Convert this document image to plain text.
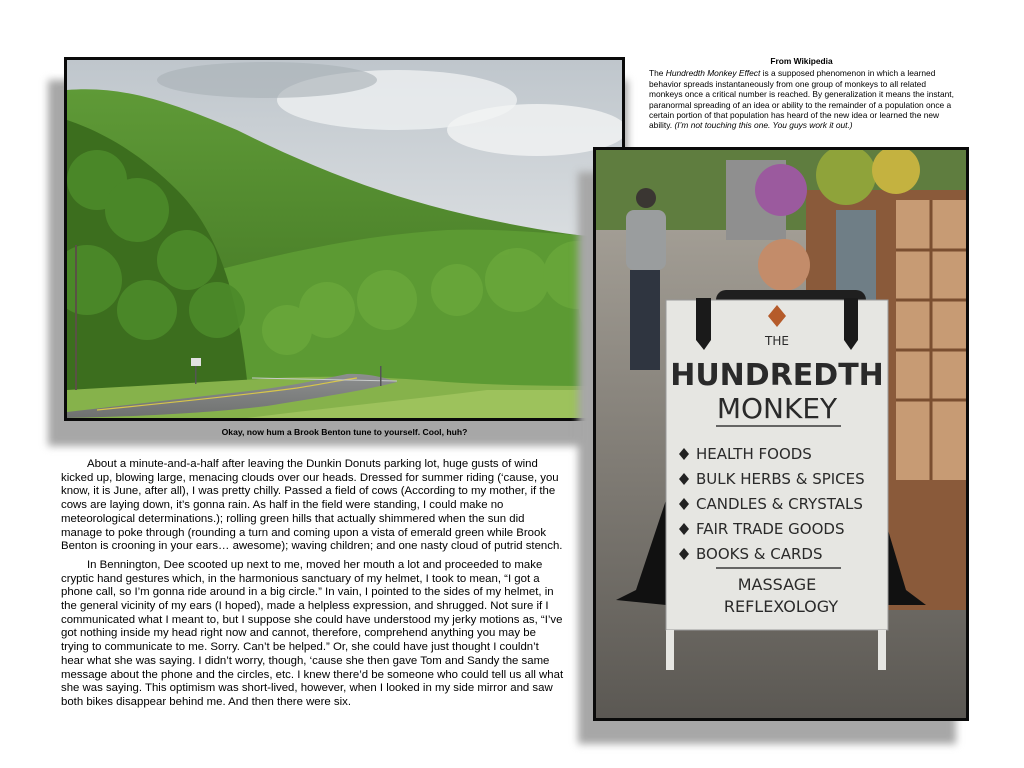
From Wikipedia

The Hundredth Monkey Effect is a supposed phenomenon in which a learned behavior spreads instantaneously from one group of monkeys to all related monkeys once a critical number is reached. By generalization it means the instant, paranormal spreading of an idea or ability to the remainder of a population once a certain portion of that population has heard of the new idea or learned the new ability. (I’m not touching this one. You guys work it out.)

Okay, now hum a Brook Benton tune to yourself. Cool, huh?

About a minute-and-a-half after leaving the Dunkin Donuts parking lot, huge gusts of wind kicked up, blowing large, menacing clouds over our heads. Dressed for summer riding (‘cause, you know, it is June, after all), I was pretty chilly. Passed a field of cows (According to my mother, if the cows are laying down, it’s gonna rain. As half in the field were standing, I could make no meteorological determinations.); rolling green hills that actually shimmered when the sun did manage to poke through (rounding a turn and coming upon a vista of emerald green while Brook Benton is crooning in your ears… awesome); waving children; and one nasty cloud of putrid stench.

In Bennington, Dee scooted up next to me, moved her mouth a lot and proceeded to make cryptic hand gestures which, in the harmonious sanctuary of my helmet, I took to mean, “I got a phone call, so I’m gonna ride around in a big circle.” In vain, I pointed to the sides of my helmet, in the general vicinity of my ears (I hoped), made a helpless expression, and shrugged. Not sure if I communicated what I meant to, but I suppose she could have understood my jerky motions as, “I’ve got nothing inside my head right now and cannot, therefore, comprehend anything you may be trying to communicate to me. Sorry. Can’t be helped.” Or, she could have just thought I couldn’t hear what she was saying. I didn’t worry, though, ‘cause she then gave Tom and Sandy the same message about the phone and the circles, etc. I knew there’d be someone who could tell us all what she was saying. This optimism was short-lived, however, when I looked in my side mirror and saw both bikes disappear behind me. And then there were six.

THE
HUNDREDTH
MONKEY
HEALTH FOODS
BULK HERBS & SPICES
CANDLES & CRYSTALS
FAIR TRADE GOODS
BOOKS & CARDS
MASSAGE
REFLEXOLOGY
